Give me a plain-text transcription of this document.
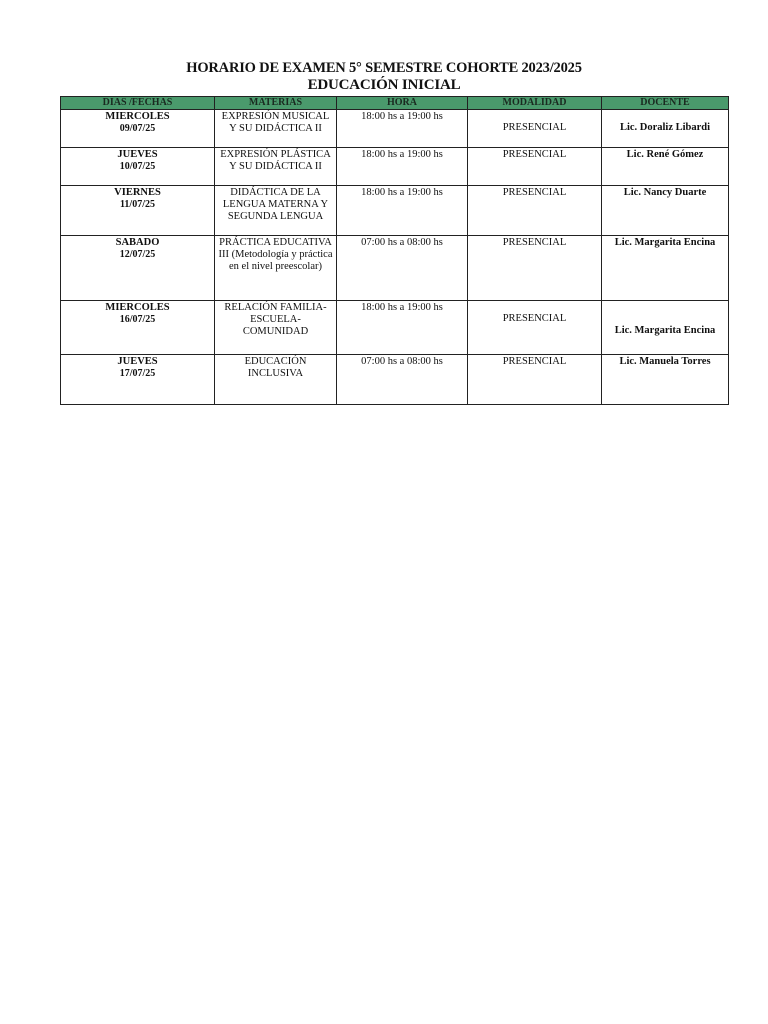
HORARIO DE EXAMEN 5° SEMESTRE COHORTE 2023/2025
EDUCACIÓN INICIAL
DIAS /FECHAS	MATERIAS	HORA	MODALIDAD	DOCENTE

MIERCOLES
09/07/25	EXPRESIÓN MUSICAL Y SU DIDÁCTICA II	18:00 hs a 19:00 hs	PRESENCIAL	Lic. Doraliz Libardi

JUEVES
10/07/25	EXPRESIÓN PLÁSTICA Y SU DIDÁCTICA II	18:00 hs a 19:00 hs	PRESENCIAL	Lic. René Gómez

VIERNES
11/07/25	DIDÁCTICA DE LA LENGUA MATERNA Y SEGUNDA LENGUA	18:00 hs a 19:00 hs	PRESENCIAL	Lic. Nancy Duarte

SABADO
12/07/25	PRÁCTICA EDUCATIVA III (Metodología y práctica en el nivel preescolar)	07:00 hs a 08:00 hs	PRESENCIAL	Lic. Margarita Encina

MIERCOLES
16/07/25	RELACIÓN FAMILIA-ESCUELA-COMUNIDAD	18:00 hs a 19:00 hs	PRESENCIAL	Lic. Margarita Encina

JUEVES
17/07/25	EDUCACIÓN INCLUSIVA	07:00 hs a 08:00 hs	PRESENCIAL	Lic. Manuela Torres
